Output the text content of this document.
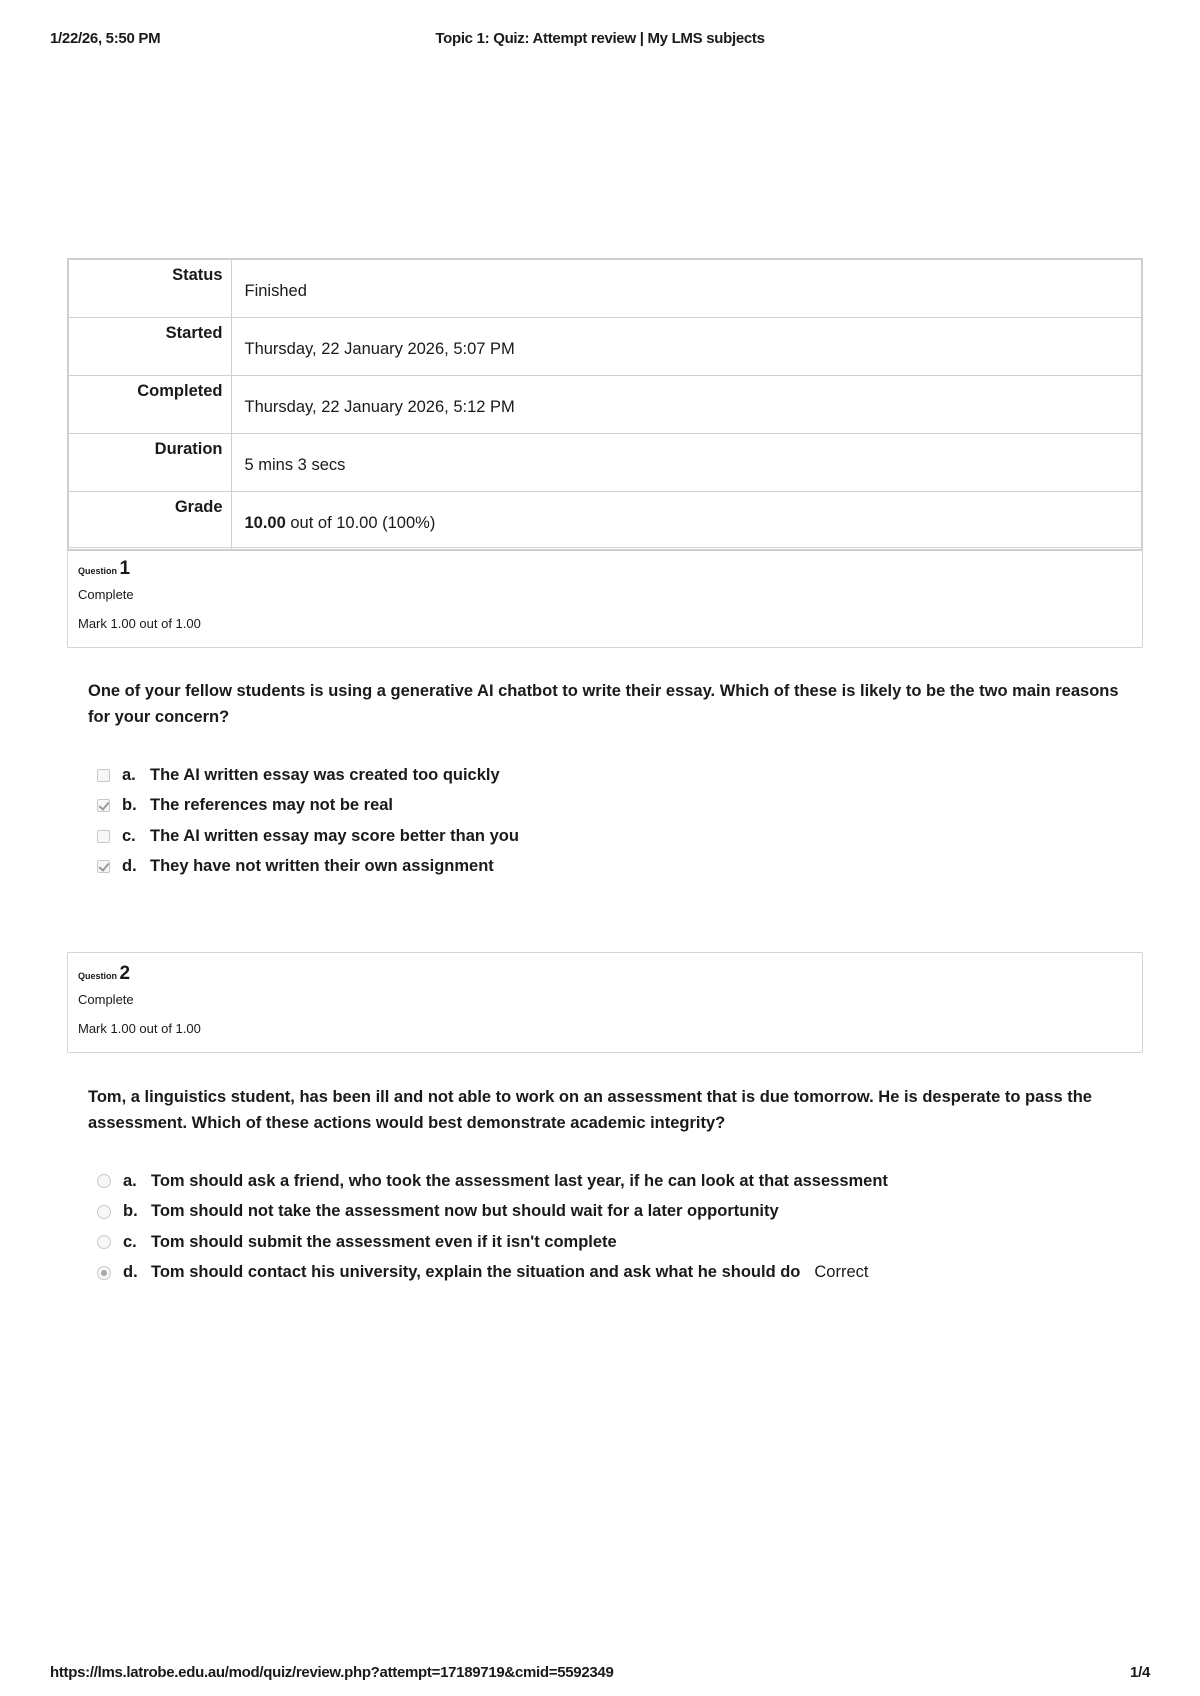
1/22/26, 5:50 PM	Topic 1: Quiz: Attempt review | My LMS subjects
Status	Finished
Started	Thursday, 22 January 2026, 5:07 PM
Completed	Thursday, 22 January 2026, 5:12 PM
Duration	5 mins 3 secs
Grade	10.00 out of 10.00 (100%)
Question 1
Complete
Mark 1.00 out of 1.00
One of your fellow students is using a generative AI chatbot to write their essay. Which of these is likely to be the two main reasons for your concern?
a. The AI written essay was created too quickly
b. The references may not be real
c. The AI written essay may score better than you
d. They have not written their own assignment
Question 2
Complete
Mark 1.00 out of 1.00
Tom, a linguistics student, has been ill and not able to work on an assessment that is due tomorrow. He is desperate to pass the assessment. Which of these actions would best demonstrate academic integrity?
a. Tom should ask a friend, who took the assessment last year, if he can look at that assessment
b. Tom should not take the assessment now but should wait for a later opportunity
c. Tom should submit the assessment even if it isn't complete
d. Tom should contact his university, explain the situation and ask what he should do Correct
https://lms.latrobe.edu.au/mod/quiz/review.php?attempt=17189719&cmid=5592349	1/4
